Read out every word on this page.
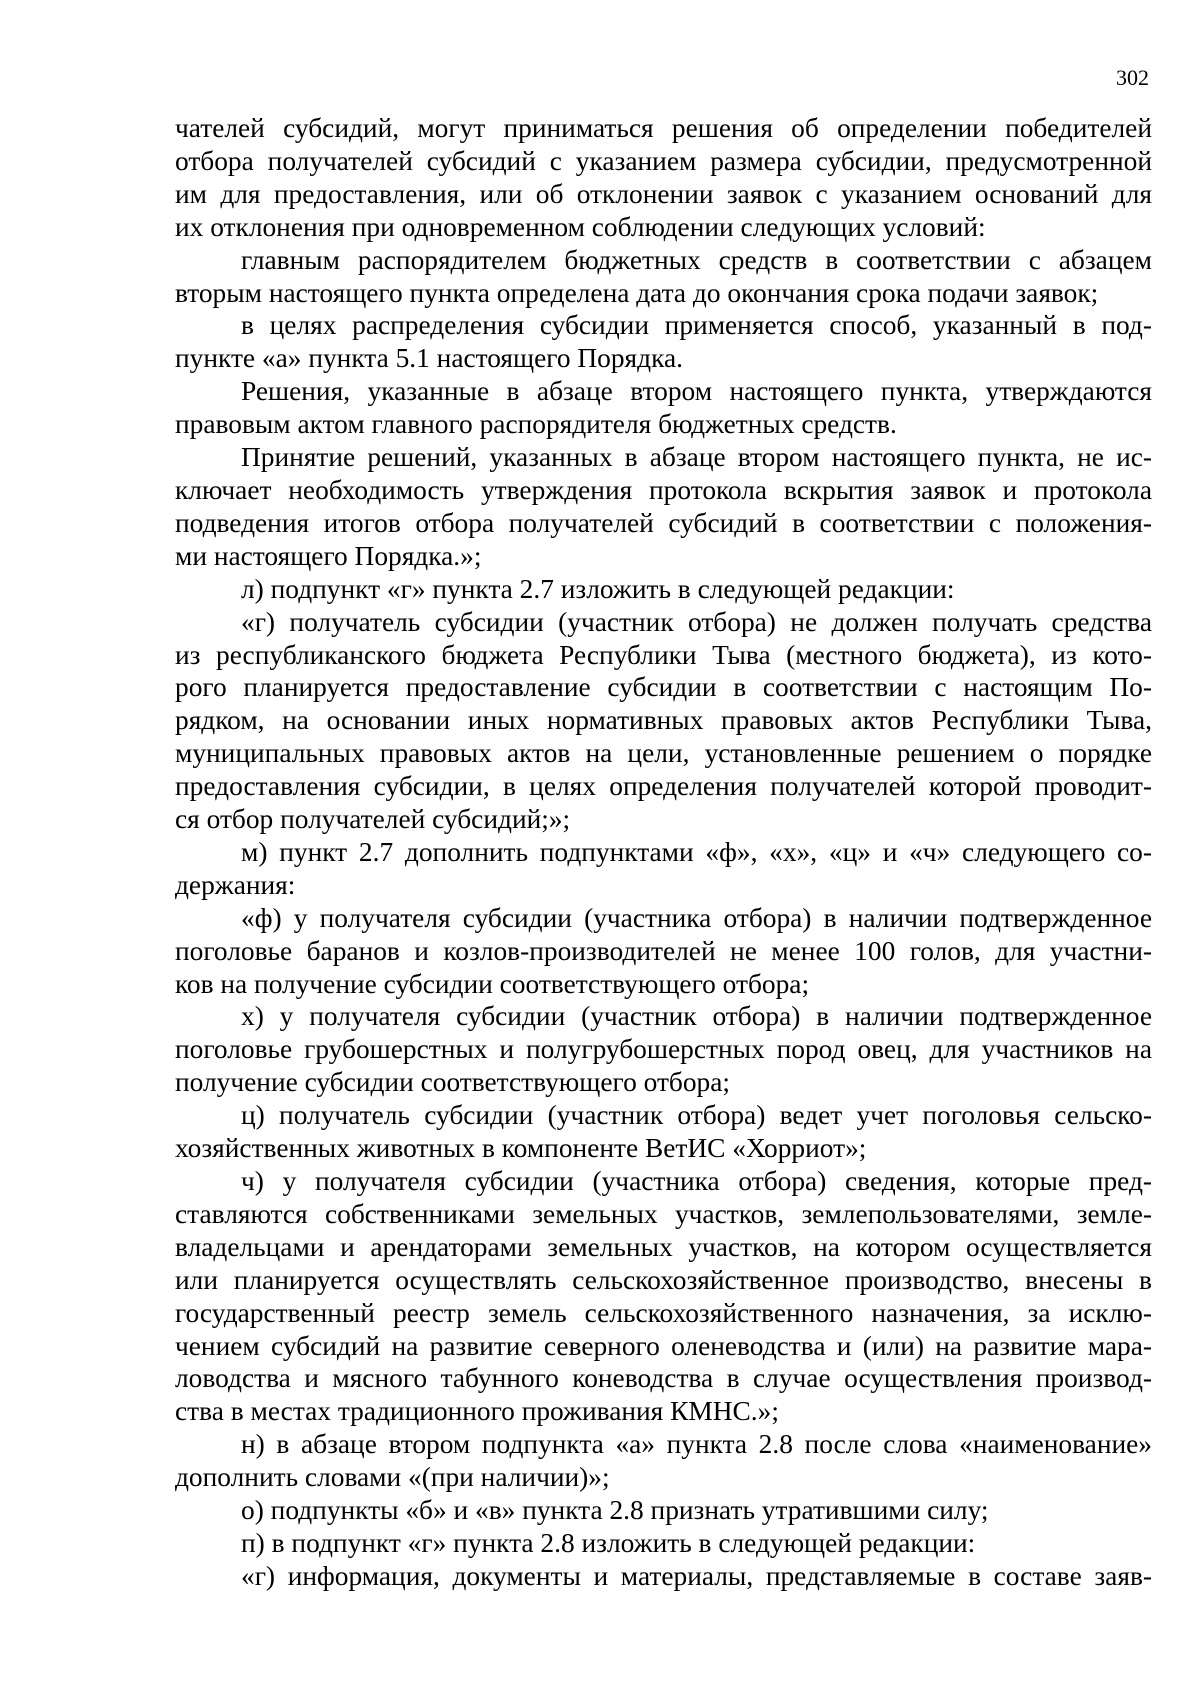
302

чателей субсидий, могут приниматься решения об определении победителей

отбора получателей субсидий с указанием размера субсидии, предусмотренной

им для предоставления, или об отклонении заявок с указанием оснований для

их отклонения при одновременном соблюдении следующих условий:

главным распорядителем бюджетных средств в соответствии с абзацем

вторым настоящего пункта определена дата до окончания срока подачи заявок;

в целях распределения субсидии применяется способ, указанный в под-

пункте «а» пункта 5.1 настоящего Порядка.

Решения, указанные в абзаце втором настоящего пункта, утверждаются

правовым актом главного распорядителя бюджетных средств.

Принятие решений, указанных в абзаце втором настоящего пункта, не ис-

ключает необходимость утверждения протокола вскрытия заявок и протокола

подведения итогов отбора получателей субсидий в соответствии с положения-

ми настоящего Порядка.»;

л) подпункт «г» пункта 2.7 изложить в следующей редакции:

«г) получатель субсидии (участник отбора) не должен получать средства

из республиканского бюджета Республики Тыва (местного бюджета), из кото-

рого планируется предоставление субсидии в соответствии с настоящим По-

рядком, на основании иных нормативных правовых актов Республики Тыва,

муниципальных правовых актов на цели, установленные решением о порядке

предоставления субсидии, в целях определения получателей которой проводит-

ся отбор получателей субсидий;»;

м) пункт 2.7 дополнить подпунктами «ф», «х», «ц» и «ч» следующего со-

держания:

«ф) у получателя субсидии (участника отбора) в наличии подтвержденное

поголовье баранов и козлов-производителей не менее 100 голов, для участни-

ков на получение субсидии соответствующего отбора;

х) у получателя субсидии (участник отбора) в наличии подтвержденное

поголовье грубошерстных и полугрубошерстных пород овец, для участников на

получение субсидии соответствующего отбора;

ц) получатель субсидии (участник отбора) ведет учет поголовья сельско-

хозяйственных животных в компоненте ВетИС «Хорриот»;

ч) у получателя субсидии (участника отбора) сведения, которые пред-

ставляются собственниками земельных участков, землепользователями, земле-

владельцами и арендаторами земельных участков, на котором осуществляется

или планируется осуществлять сельскохозяйственное производство, внесены в

государственный реестр земель сельскохозяйственного назначения, за исклю-

чением субсидий на развитие северного оленеводства и (или) на развитие мара-

ловодства и мясного табунного коневодства в случае осуществления производ-

ства в местах традиционного проживания КМНС.»;

н) в абзаце втором подпункта «а» пункта 2.8 после слова «наименование»

дополнить словами «(при наличии)»;

о) подпункты «б» и «в» пункта 2.8 признать утратившими силу;

п) в подпункт «г» пункта 2.8 изложить в следующей редакции:

«г) информация, документы и материалы, представляемые в составе заяв-
